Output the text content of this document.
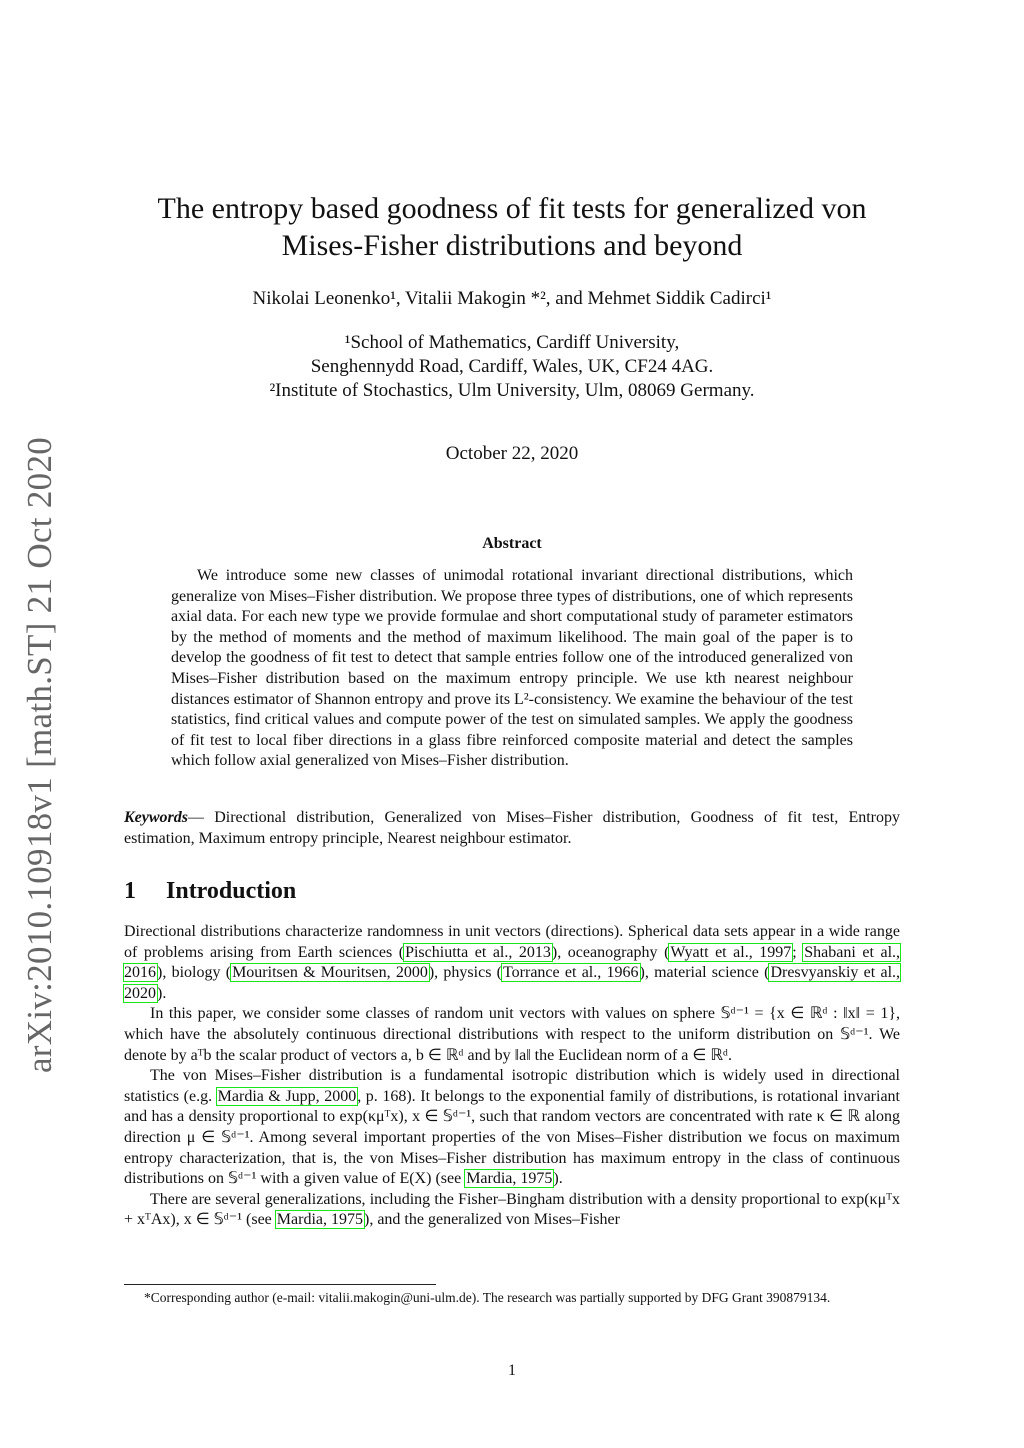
arXiv:2010.10918v1 [math.ST] 21 Oct 2020
The entropy based goodness of fit tests for generalized von
Mises-Fisher distributions and beyond
Nikolai Leonenko¹, Vitalii Makogin *², and Mehmet Siddik Cadirci¹
¹School of Mathematics, Cardiff University,
Senghennydd Road, Cardiff, Wales, UK, CF24 4AG.
²Institute of Stochastics, Ulm University, Ulm, 08069 Germany.
October 22, 2020
Abstract
We introduce some new classes of unimodal rotational invariant directional distributions, which generalize von Mises–Fisher distribution. We propose three types of distributions, one of which represents axial data. For each new type we provide formulae and short computational study of parameter estimators by the method of moments and the method of maximum likelihood. The main goal of the paper is to develop the goodness of fit test to detect that sample entries follow one of the introduced generalized von Mises–Fisher distribution based on the maximum entropy principle. We use kth nearest neighbour distances estimator of Shannon entropy and prove its L²-consistency. We examine the behaviour of the test statistics, find critical values and compute power of the test on simulated samples. We apply the goodness of fit test to local fiber directions in a glass fibre reinforced composite material and detect the samples which follow axial generalized von Mises–Fisher distribution.
Keywords— Directional distribution, Generalized von Mises–Fisher distribution, Goodness of fit test, Entropy estimation, Maximum entropy principle, Nearest neighbour estimator.
1 Introduction

Directional distributions characterize randomness in unit vectors (directions). Spherical data sets appear in a wide range of problems arising from Earth sciences (Pischiutta et al., 2013), oceanography (Wyatt et al., 1997; Shabani et al., 2016), biology (Mouritsen & Mouritsen, 2000), physics (Torrance et al., 1966), material science (Dresvyanskiy et al., 2020).

In this paper, we consider some classes of random unit vectors with values on sphere 𝕊ᵈ⁻¹ = {x ∈ ℝᵈ : ‖x‖ = 1}, which have the absolutely continuous directional distributions with respect to the uniform distribution on 𝕊ᵈ⁻¹. We denote by aᵀb the scalar product of vectors a, b ∈ ℝᵈ and by ‖a‖ the Euclidean norm of a ∈ ℝᵈ.

The von Mises–Fisher distribution is a fundamental isotropic distribution which is widely used in directional statistics (e.g. Mardia & Jupp, 2000, p. 168). It belongs to the exponential family of distributions, is rotational invariant and has a density proportional to exp(κμᵀx), x ∈ 𝕊ᵈ⁻¹, such that random vectors are concentrated with rate κ ∈ ℝ along direction μ ∈ 𝕊ᵈ⁻¹. Among several important properties of the von Mises–Fisher distribution we focus on maximum entropy characterization, that is, the von Mises–Fisher distribution has maximum entropy in the class of continuous distributions on 𝕊ᵈ⁻¹ with a given value of E(X) (see Mardia, 1975).

There are several generalizations, including the Fisher–Bingham distribution with a density proportional to exp(κμᵀx + xᵀAx), x ∈ 𝕊ᵈ⁻¹ (see Mardia, 1975), and the generalized von Mises–Fisher

*Corresponding author (e-mail: vitalii.makogin@uni-ulm.de). The research was partially supported by DFG Grant 390879134.

1
